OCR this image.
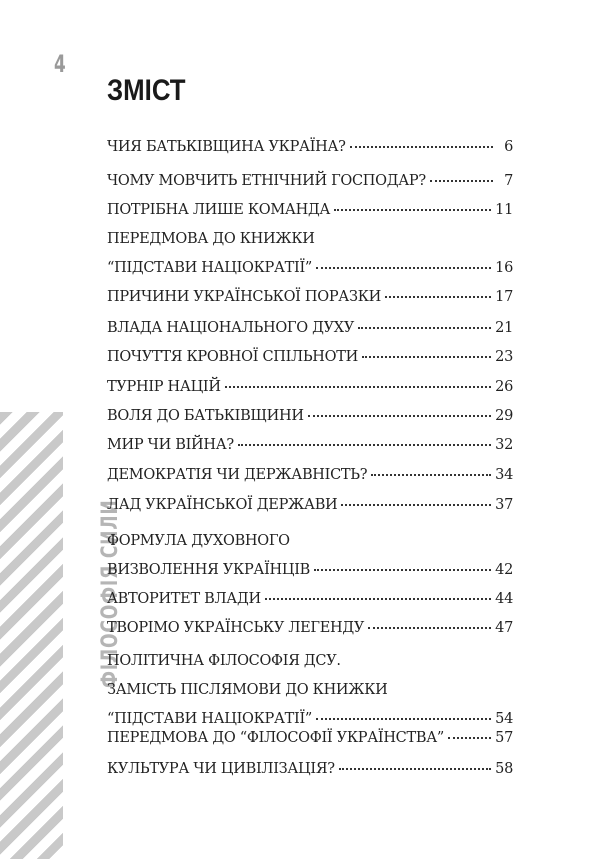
4
ЗМІСТ
ФІЛОСОФІЯ СИЛИ
ЧИЯ БАТЬКІВЩИНА УКРАЇНА?	6
ЧОМУ МОВЧИТЬ ЕТНІЧНИЙ ГОСПОДАР?	7
ПОТРІБНА ЛИШЕ КОМАНДА	11
ПЕРЕДМОВА ДО КНИЖКИ
“ПІДСТАВИ НАЦІОКРАТІЇ”	16
ПРИЧИНИ УКРАЇНСЬКОЇ ПОРАЗКИ	17
ВЛАДА НАЦІОНАЛЬНОГО ДУХУ	21
ПОЧУТТЯ КРОВНОЇ СПІЛЬНОТИ	23
ТУРНІР НАЦІЙ	26
ВОЛЯ ДО БАТЬКІВЩИНИ	29
МИР ЧИ ВІЙНА?	32
ДЕМОКРАТІЯ ЧИ ДЕРЖАВНІСТЬ?	34
ЛАД УКРАЇНСЬКОЇ ДЕРЖАВИ	37
ФОРМУЛА ДУХОВНОГО
ВИЗВОЛЕННЯ УКРАЇНЦІВ	42
АВТОРИТЕТ ВЛАДИ	44
ТВОРІМО УКРАЇНСЬКУ ЛЕГЕНДУ	47
ПОЛІТИЧНА ФІЛОСОФІЯ ДСУ.
ЗАМІСТЬ ПІСЛЯМОВИ ДО КНИЖКИ
“ПІДСТАВИ НАЦІОКРАТІЇ”	54
ПЕРЕДМОВА ДО “ФІЛОСОФІЇ УКРАЇНСТВА”	57
КУЛЬТУРА ЧИ ЦИВІЛІЗАЦІЯ?	58
